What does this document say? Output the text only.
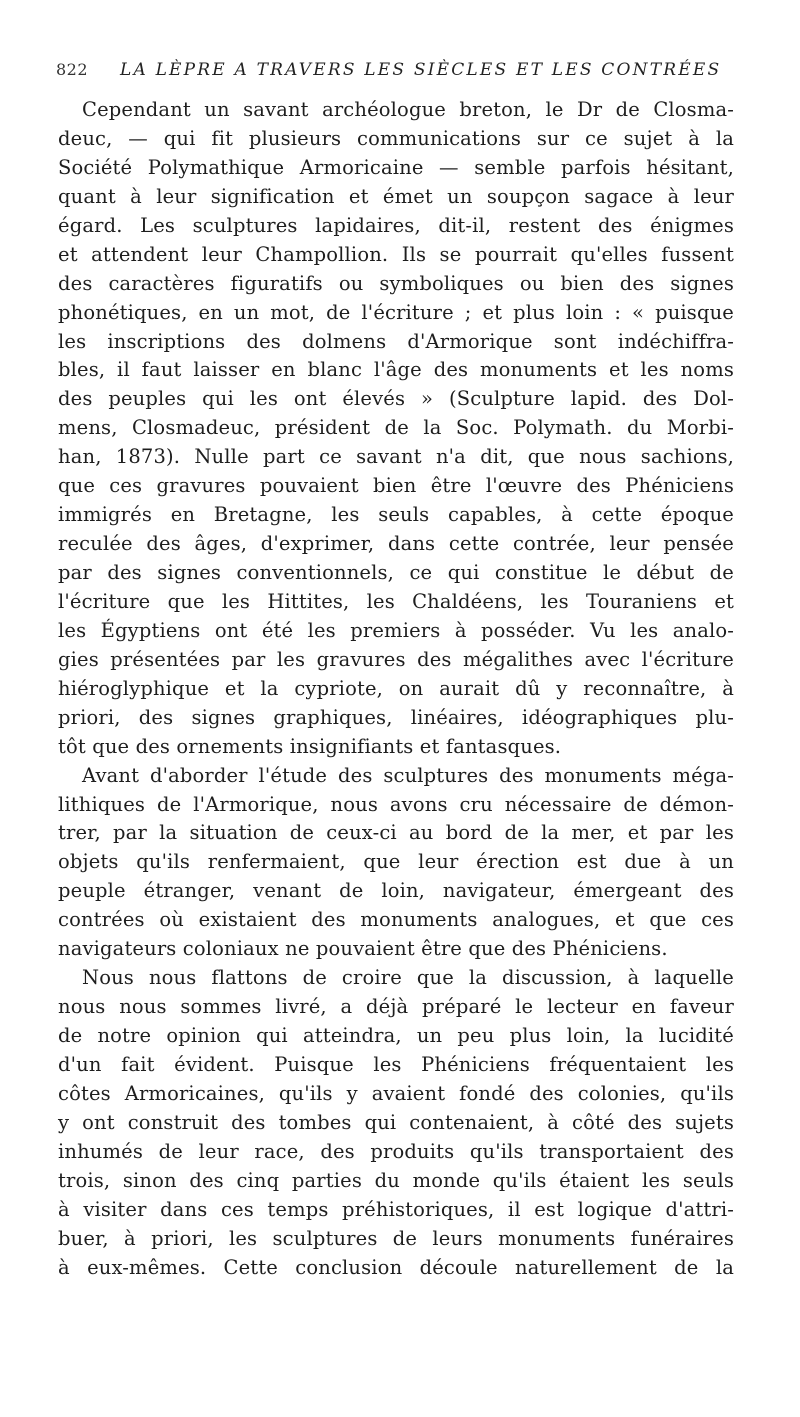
822 LA LÈPRE A TRAVERS LES SIÈCLES ET LES CONTRÉES
Cependant un savant archéologue breton, le Dr de Closma-
deuc, — qui fit plusieurs communications sur ce sujet à la
Société Polymathique Armoricaine — semble parfois hésitant,
quant à leur signification et émet un soupçon sagace à leur
égard. Les sculptures lapidaires, dit-il, restent des énigmes
et attendent leur Champollion. Ils se pourrait qu'elles fussent
des caractères figuratifs ou symboliques ou bien des signes
phonétiques, en un mot, de l'écriture ; et plus loin : « puisque
les inscriptions des dolmens d'Armorique sont indéchiffra-
bles, il faut laisser en blanc l'âge des monuments et les noms
des peuples qui les ont élevés » (Sculpture lapid. des Dol-
mens, Closmadeuc, président de la Soc. Polymath. du Morbi-
han, 1873). Nulle part ce savant n'a dit, que nous sachions,
que ces gravures pouvaient bien être l'œuvre des Phéniciens
immigrés en Bretagne, les seuls capables, à cette époque
reculée des âges, d'exprimer, dans cette contrée, leur pensée
par des signes conventionnels, ce qui constitue le début de
l'écriture que les Hittites, les Chaldéens, les Touraniens et
les Égyptiens ont été les premiers à posséder. Vu les analo-
gies présentées par les gravures des mégalithes avec l'écriture
hiéroglyphique et la cypriote, on aurait dû y reconnaître, à
priori, des signes graphiques, linéaires, idéographiques plu-
tôt que des ornements insignifiants et fantasques.
Avant d'aborder l'étude des sculptures des monuments méga-
lithiques de l'Armorique, nous avons cru nécessaire de démon-
trer, par la situation de ceux-ci au bord de la mer, et par les
objets qu'ils renfermaient, que leur érection est due à un
peuple étranger, venant de loin, navigateur, émergeant des
contrées où existaient des monuments analogues, et que ces
navigateurs coloniaux ne pouvaient être que des Phéniciens.
Nous nous flattons de croire que la discussion, à laquelle
nous nous sommes livré, a déjà préparé le lecteur en faveur
de notre opinion qui atteindra, un peu plus loin, la lucidité
d'un fait évident. Puisque les Phéniciens fréquentaient les
côtes Armoricaines, qu'ils y avaient fondé des colonies, qu'ils
y ont construit des tombes qui contenaient, à côté des sujets
inhumés de leur race, des produits qu'ils transportaient des
trois, sinon des cinq parties du monde qu'ils étaient les seuls
à visiter dans ces temps préhistoriques, il est logique d'attri-
buer, à priori, les sculptures de leurs monuments funéraires
à eux-mêmes. Cette conclusion découle naturellement de la
